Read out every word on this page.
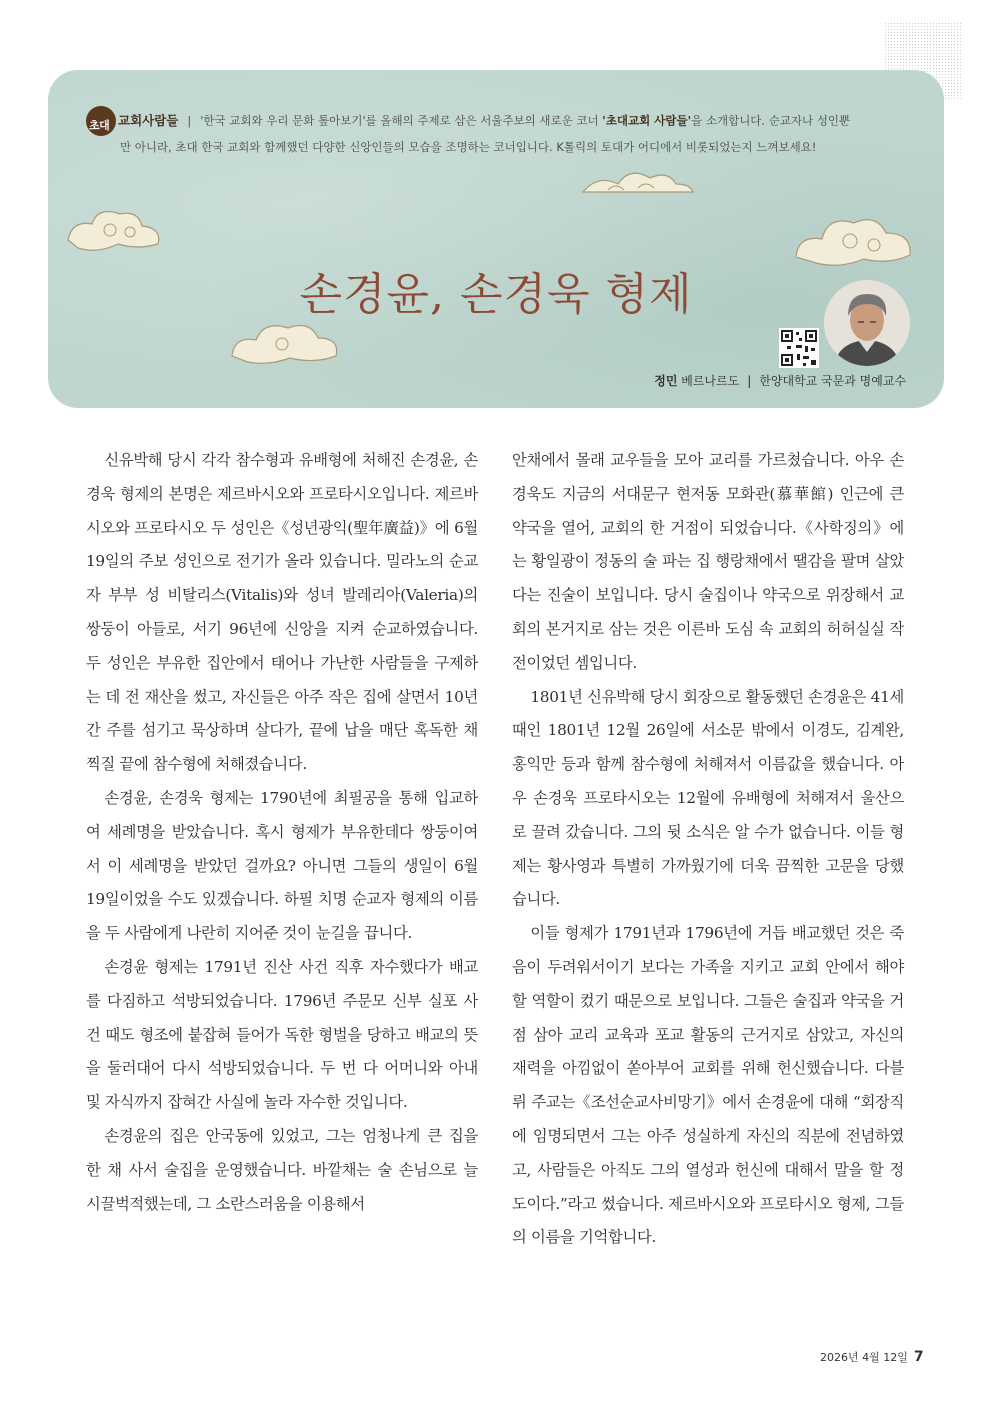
초대 교회사람들 | '한국 교회와 우리 문화 톺아보기'를 올해의 주제로 삼은 서울주보의 새로운 코너 '초대교회 사람들'을 소개합니다. 순교자나 성인뿐
만 아니라, 초대 한국 교회와 함께했던 다양한 신앙인들의 모습을 조명하는 코너입니다. K톨릭의 토대가 어디에서 비롯되었는지 느껴보세요!
손경윤, 손경욱 형제
정민 베르나르도 | 한양대학교 국문과 명예교수

신유박해 당시 각각 참수형과 유배형에 처해진 손경윤, 손경욱 형제의 본명은 제르바시오와 프로타시오입니다. 제르바시오와 프로타시오 두 성인은《성년광익(聖年廣益)》에 6월 19일의 주보 성인으로 전기가 올라 있습니다. 밀라노의 순교자 부부 성 비탈리스(Vitalis)와 성녀 발레리아(Valeria)의 쌍둥이 아들로, 서기 96년에 신앙을 지켜 순교하였습니다. 두 성인은 부유한 집안에서 태어나 가난한 사람들을 구제하는 데 전 재산을 썼고, 자신들은 아주 작은 집에 살면서 10년간 주를 섬기고 묵상하며 살다가, 끝에 납을 매단 혹독한 채찍질 끝에 참수형에 처해졌습니다.

손경윤, 손경욱 형제는 1790년에 최필공을 통해 입교하여 세례명을 받았습니다. 혹시 형제가 부유한데다 쌍둥이여서 이 세례명을 받았던 걸까요? 아니면 그들의 생일이 6월 19일이었을 수도 있겠습니다. 하필 치명 순교자 형제의 이름을 두 사람에게 나란히 지어준 것이 눈길을 끕니다.

손경윤 형제는 1791년 진산 사건 직후 자수했다가 배교를 다짐하고 석방되었습니다. 1796년 주문모 신부 실포 사건 때도 형조에 붙잡혀 들어가 독한 형벌을 당하고 배교의 뜻을 둘러대어 다시 석방되었습니다. 두 번 다 어머니와 아내 및 자식까지 잡혀간 사실에 놀라 자수한 것입니다.

손경윤의 집은 안국동에 있었고, 그는 엄청나게 큰 집을 한 채 사서 술집을 운영했습니다. 바깥채는 술 손님으로 늘 시끌벅적했는데, 그 소란스러움을 이용해서

안채에서 몰래 교우들을 모아 교리를 가르쳤습니다. 아우 손경욱도 지금의 서대문구 현저동 모화관(慕華館) 인근에 큰 약국을 열어, 교회의 한 거점이 되었습니다.《사학징의》에는 황일광이 정동의 술 파는 집 행랑채에서 땔감을 팔며 살았다는 진술이 보입니다. 당시 술집이나 약국으로 위장해서 교회의 본거지로 삼는 것은 이른바 도심 속 교회의 허허실실 작전이었던 셈입니다.

1801년 신유박해 당시 회장으로 활동했던 손경윤은 41세 때인 1801년 12월 26일에 서소문 밖에서 이경도, 김계완, 홍익만 등과 함께 참수형에 처해져서 이름값을 했습니다. 아우 손경욱 프로타시오는 12월에 유배형에 처해져서 울산으로 끌려 갔습니다. 그의 뒷 소식은 알 수가 없습니다. 이들 형제는 황사영과 특별히 가까웠기에 더욱 끔찍한 고문을 당했습니다.

이들 형제가 1791년과 1796년에 거듭 배교했던 것은 죽음이 두려워서이기 보다는 가족을 지키고 교회 안에서 해야 할 역할이 컸기 때문으로 보입니다. 그들은 술집과 약국을 거점 삼아 교리 교육과 포교 활동의 근거지로 삼았고, 자신의 재력을 아낌없이 쏟아부어 교회를 위해 헌신했습니다. 다블뤼 주교는《조선순교사비망기》에서 손경윤에 대해 “회장직에 임명되면서 그는 아주 성실하게 자신의 직분에 전념하였고, 사람들은 아직도 그의 열성과 헌신에 대해서 말을 할 정도이다.”라고 썼습니다. 제르바시오와 프로타시오 형제, 그들의 이름을 기억합니다.

2026년 4월 12일 7
